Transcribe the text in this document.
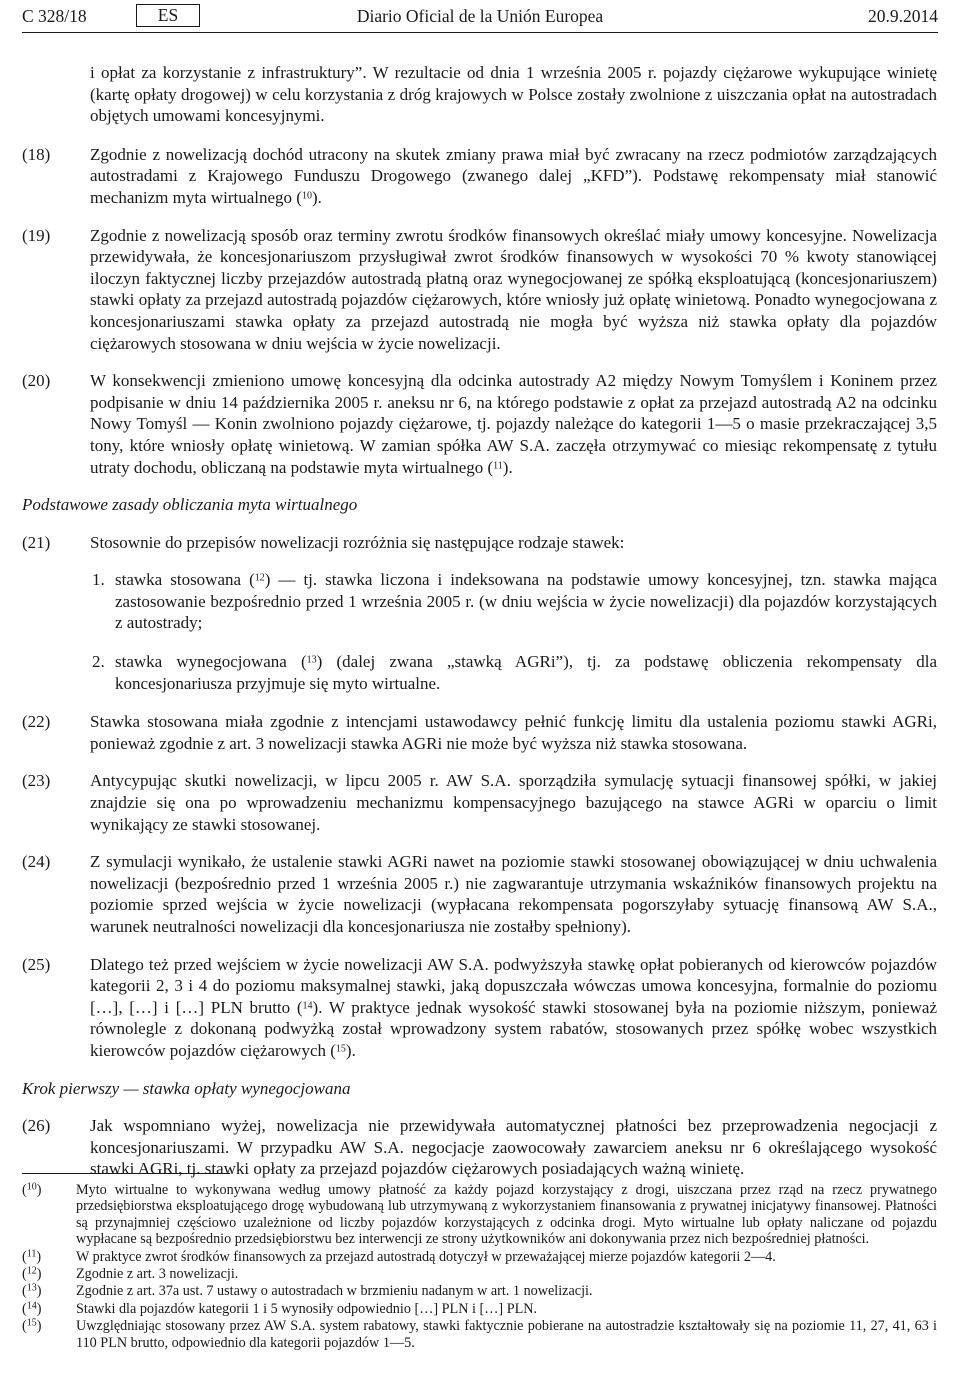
C 328/18	ES	Diario Oficial de la Unión Europea	20.9.2014

i opłat za korzystanie z infrastruktury”. W rezultacie od dnia 1 września 2005 r. pojazdy ciężarowe wykupujące winietę (kartę opłaty drogowej) w celu korzystania z dróg krajowych w Polsce zostały zwolnione z uiszczania opłat na autostradach objętych umowami koncesyjnymi.

(18) Zgodnie z nowelizacją dochód utracony na skutek zmiany prawa miał być zwracany na rzecz podmiotów zarządzających autostradami z Krajowego Funduszu Drogowego (zwanego dalej „KFD”). Podstawę rekompensaty miał stanowić mechanizm myta wirtualnego ($^{10}$).

(19) Zgodnie z nowelizacją sposób oraz terminy zwrotu środków finansowych określać miały umowy koncesyjne. Nowelizacja przewidywała, że koncesjonariuszom przysługiwał zwrot środków finansowych w wysokości 70 % kwoty stanowiącej iloczyn faktycznej liczby przejazdów autostradą płatną oraz wynegocjowanej ze spółką eksploatującą (koncesjonariuszem) stawki opłaty za przejazd autostradą pojazdów ciężarowych, które wniosły już opłatę winietową. Ponadto wynegocjowana z koncesjonariuszami stawka opłaty za przejazd autostradą nie mogła być wyższa niż stawka opłaty dla pojazdów ciężarowych stosowana w dniu wejścia w życie nowelizacji.

(20) W konsekwencji zmieniono umowę koncesyjną dla odcinka autostrady A2 między Nowym Tomyślem i Koninem przez podpisanie w dniu 14 października 2005 r. aneksu nr 6, na którego podstawie z opłat za przejazd autostradą A2 na odcinku Nowy Tomyśl — Konin zwolniono pojazdy ciężarowe, tj. pojazdy należące do kategorii 1—5 o masie przekraczającej 3,5 tony, które wniosły opłatę winietową. W zamian spółka AW S.A. zaczęła otrzymywać co miesiąc rekompensatę z tytułu utraty dochodu, obliczaną na podstawie myta wirtualnego ($^{11}$).

Podstawowe zasady obliczania myta wirtualnego

(21) Stosownie do przepisów nowelizacji rozróżnia się następujące rodzaje stawek:

1. stawka stosowana ($^{12}$) — tj. stawka liczona i indeksowana na podstawie umowy koncesyjnej, tzn. stawka mająca zastosowanie bezpośrednio przed 1 września 2005 r. (w dniu wejścia w życie nowelizacji) dla pojazdów korzystających z autostrady;

2. stawka wynegocjowana ($^{13}$) (dalej zwana „stawką AGRi”), tj. za podstawę obliczenia rekompensaty dla koncesjonariusza przyjmuje się myto wirtualne.

(22) Stawka stosowana miała zgodnie z intencjami ustawodawcy pełnić funkcję limitu dla ustalenia poziomu stawki AGRi, ponieważ zgodnie z art. 3 nowelizacji stawka AGRi nie może być wyższa niż stawka stosowana.

(23) Antycypując skutki nowelizacji, w lipcu 2005 r. AW S.A. sporządziła symulację sytuacji finansowej spółki, w jakiej znajdzie się ona po wprowadzeniu mechanizmu kompensacyjnego bazującego na stawce AGRi w oparciu o limit wynikający ze stawki stosowanej.

(24) Z symulacji wynikało, że ustalenie stawki AGRi nawet na poziomie stawki stosowanej obowiązującej w dniu uchwalenia nowelizacji (bezpośrednio przed 1 września 2005 r.) nie zagwarantuje utrzymania wskaźników finansowych projektu na poziomie sprzed wejścia w życie nowelizacji (wypłacana rekompensata pogorszyłaby sytuację finansową AW S.A., warunek neutralności nowelizacji dla koncesjonariusza nie zostałby spełniony).

(25) Dlatego też przed wejściem w życie nowelizacji AW S.A. podwyższyła stawkę opłat pobieranych od kierowców pojazdów kategorii 2, 3 i 4 do poziomu maksymalnej stawki, jaką dopuszczała wówczas umowa koncesyjna, formalnie do poziomu […], […] i […] PLN brutto ($^{14}$). W praktyce jednak wysokość stawki stosowanej była na poziomie niższym, ponieważ równolegle z dokonaną podwyżką został wprowadzony system rabatów, stosowanych przez spółkę wobec wszystkich kierowców pojazdów ciężarowych ($^{15}$).

Krok pierwszy — stawka opłaty wynegocjowana

(26) Jak wspomniano wyżej, nowelizacja nie przewidywała automatycznej płatności bez przeprowadzenia negocjacji z koncesjonariuszami. W przypadku AW S.A. negocjacje zaowocowały zawarciem aneksu nr 6 określającego wysokość stawki AGRi, tj. stawki opłaty za przejazd pojazdów ciężarowych posiadających ważną winietę.

($^{10}$) Myto wirtualne to wykonywana według umowy płatność za każdy pojazd korzystający z drogi, uiszczana przez rząd na rzecz prywatnego przedsiębiorstwa eksploatującego drogę wybudowaną lub utrzymywaną z wykorzystaniem finansowania z prywatnej inicjatywy finansowej. Płatności są przynajmniej częściowo uzależnione od liczby pojazdów korzystających z odcinka drogi. Myto wirtualne lub opłaty naliczane od pojazdu wypłacane są bezpośrednio przedsiębiorstwu bez interwencji ze strony użytkowników ani dokonywania przez nich bezpośredniej płatności.

($^{11}$) W praktyce zwrot środków finansowych za przejazd autostradą dotyczył w przeważającej mierze pojazdów kategorii 2—4.

($^{12}$) Zgodnie z art. 3 nowelizacji.

($^{13}$) Zgodnie z art. 37a ust. 7 ustawy o autostradach w brzmieniu nadanym w art. 1 nowelizacji.

($^{14}$) Stawki dla pojazdów kategorii 1 i 5 wynosiły odpowiednio […] PLN i […] PLN.

($^{15}$) Uwzględniając stosowany przez AW S.A. system rabatowy, stawki faktycznie pobierane na autostradzie kształtowały się na poziomie 11, 27, 41, 63 i 110 PLN brutto, odpowiednio dla kategorii pojazdów 1—5.
